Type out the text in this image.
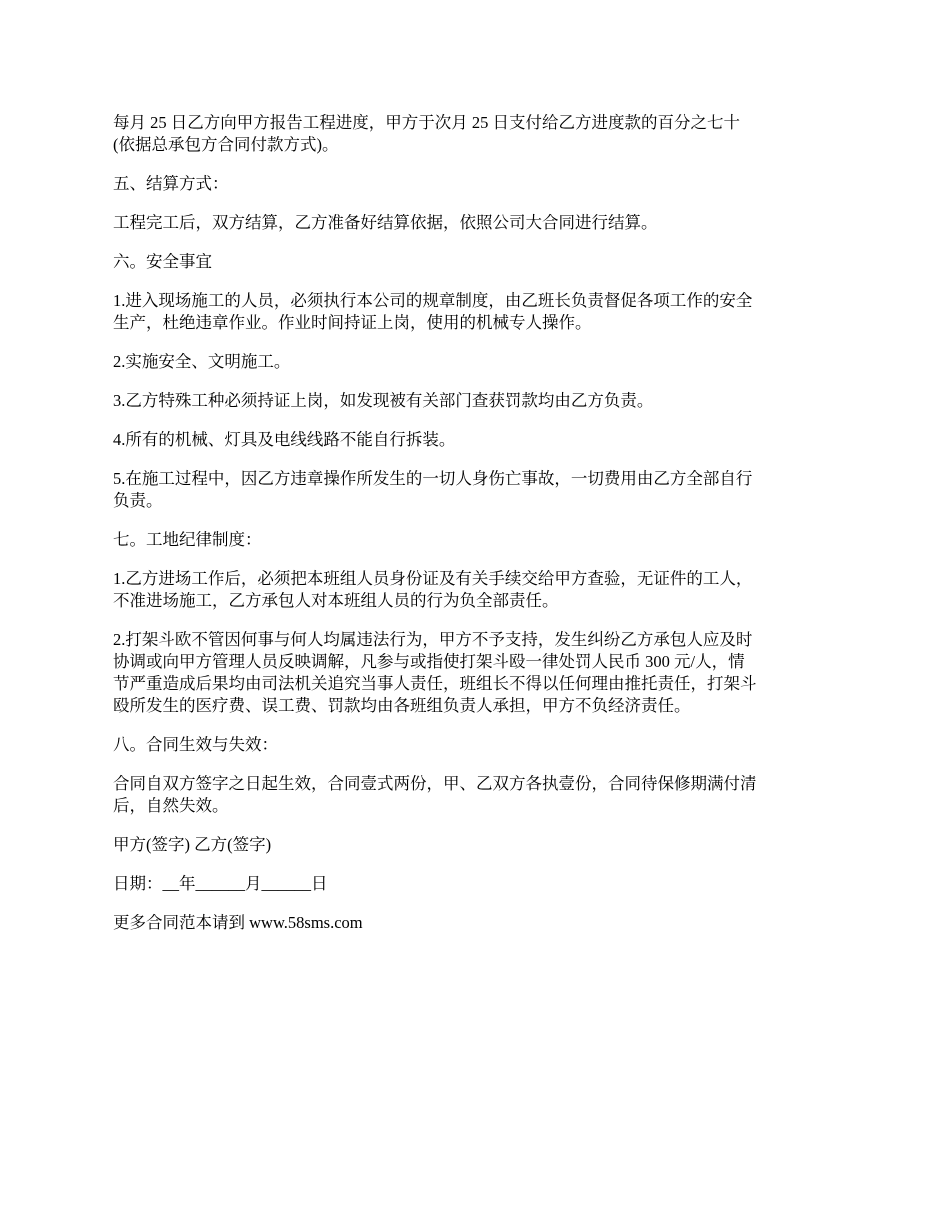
每月 25 日乙方向甲方报告工程进度，甲方于次月 25 日支付给乙方进度款的百分之七十
(依据总承包方合同付款方式)。

五、结算方式：

工程完工后，双方结算，乙方准备好结算依据，依照公司大合同进行结算。

六。安全事宜

1.进入现场施工的人员，必须执行本公司的规章制度，由乙班长负责督促各项工作的安全
生产，杜绝违章作业。作业时间持证上岗，使用的机械专人操作。

2.实施安全、文明施工。

3.乙方特殊工种必须持证上岗，如发现被有关部门查获罚款均由乙方负责。

4.所有的机械、灯具及电线线路不能自行拆装。

5.在施工过程中，因乙方违章操作所发生的一切人身伤亡事故，一切费用由乙方全部自行
负责。

七。工地纪律制度：

1.乙方进场工作后，必须把本班组人员身份证及有关手续交给甲方查验，无证件的工人，
不准进场施工，乙方承包人对本班组人员的行为负全部责任。

2.打架斗欧不管因何事与何人均属违法行为，甲方不予支持，发生纠纷乙方承包人应及时
协调或向甲方管理人员反映调解，凡参与或指使打架斗殴一律处罚人民币 300 元/人，情
节严重造成后果均由司法机关追究当事人责任，班组长不得以任何理由推托责任，打架斗
殴所发生的医疗费、误工费、罚款均由各班组负责人承担，甲方不负经济责任。

八。合同生效与失效：

合同自双方签字之日起生效，合同壹式两份，甲、乙双方各执壹份，合同待保修期满付清
后，自然失效。

甲方(签字) 乙方(签字)

日期：__年______月______日

更多合同范本请到 www.58sms.com
